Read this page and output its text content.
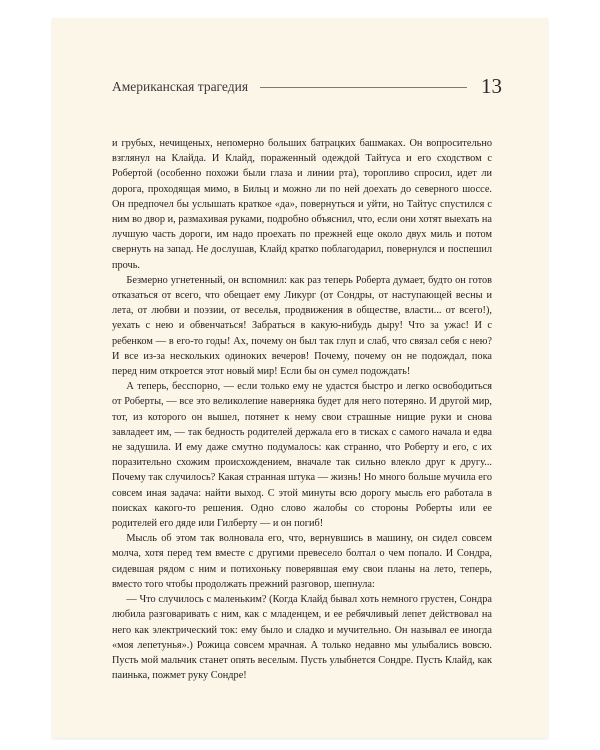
Американская трагедия	13

и грубых, нечищеных, непомерно больших батрацких башмаках. Он вопросительно взглянул на Клайда. И Клайд, пораженный одеждой Тайтуса и его сходством с Робертой (особенно похожи были глаза и линии рта), торопливо спросил, идет ли дорога, проходящая мимо, в Бильц и можно ли по ней доехать до северного шоссе. Он предпочел бы услышать краткое «да», повернуться и уйти, но Тайтус спустился с ним во двор и, размахивая руками, подробно объяснил, что, если они хотят выехать на лучшую часть дороги, им надо проехать по прежней еще около двух миль и потом свернуть на запад. Не дослушав, Клайд кратко поблагодарил, повернулся и поспешил прочь.

Безмерно угнетенный, он вспомнил: как раз теперь Роберта думает, будто он готов отказаться от всего, что обещает ему Ликург (от Сондры, от наступающей весны и лета, от любви и поэзии, от веселья, продвижения в обществе, власти... от всего!), уехать с нею и обвенчаться! Забраться в какую-нибудь дыру! Что за ужас! И с ребенком — в его-то годы! Ах, почему он был так глуп и слаб, что связал себя с нею? И все из-за нескольких одиноких вечеров! Почему, почему он не подождал, пока перед ним откроется этот новый мир! Если бы он сумел подождать!

А теперь, бесспорно, — если только ему не удастся быстро и легко освободиться от Роберты, — все это великолепие наверняка будет для него потеряно. И другой мир, тот, из которого он вышел, потянет к нему свои страшные нищие руки и снова завладеет им, — так бедность родителей держала его в тисках с самого начала и едва не задушила. И ему даже смутно подумалось: как странно, что Роберту и его, с их поразительно схожим происхождением, вначале так сильно влекло друг к другу... Почему так случилось? Какая странная штука — жизнь! Но много больше мучила его совсем иная задача: найти выход. С этой минуты всю дорогу мысль его работала в поисках какого-то решения. Одно слово жалобы со стороны Роберты или ее родителей его дяде или Гилберту — и он погиб!

Мысль об этом так волновала его, что, вернувшись в машину, он сидел совсем молча, хотя перед тем вместе с другими превесело болтал о чем попало. И Сондра, сидевшая рядом с ним и потихоньку поверявшая ему свои планы на лето, теперь, вместо того чтобы продолжать прежний разговор, шепнула:

— Что случилось с маленьким? (Когда Клайд бывал хоть немного грустен, Сондра любила разговаривать с ним, как с младенцем, и ее ребячливый лепет действовал на него как электрический ток: ему было и сладко и мучительно. Он называл ее иногда «моя лепетунья».) Рожица совсем мрачная. А только недавно мы улыбались вовсю. Пусть мой мальчик станет опять веселым. Пусть улыбнется Сондре. Пусть Клайд, как паинька, пожмет руку Сондре!
